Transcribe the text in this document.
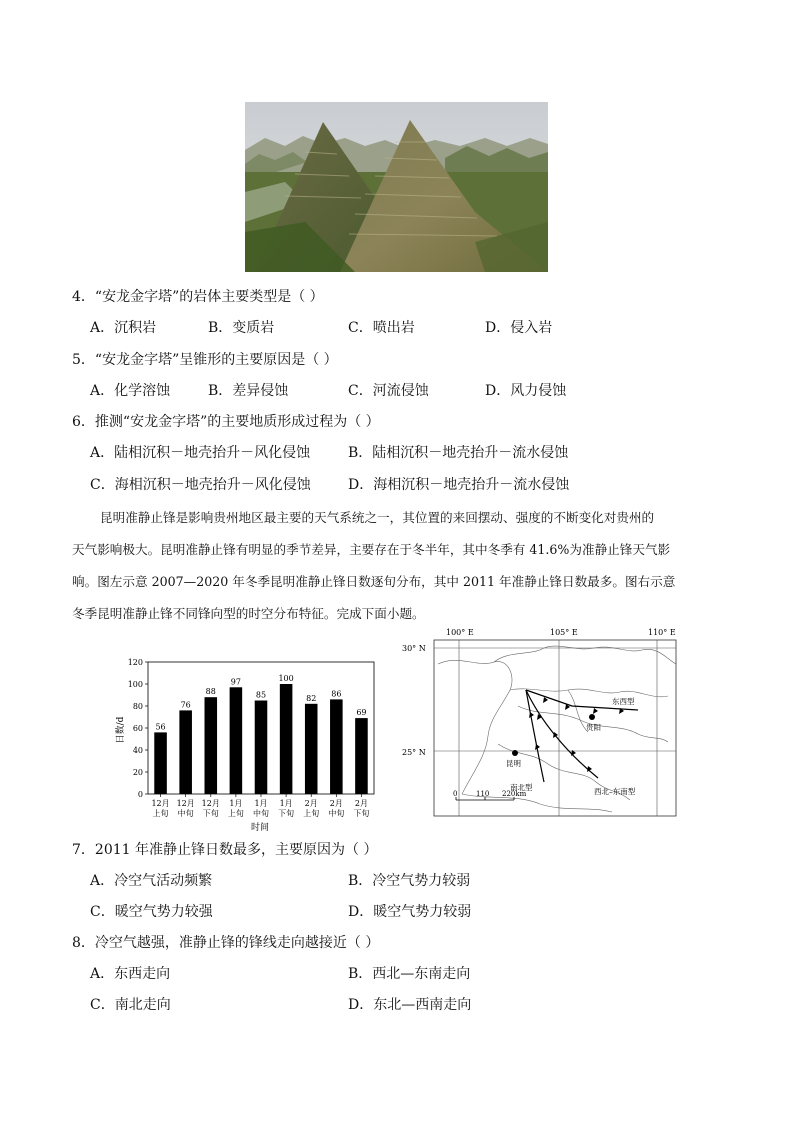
4．“安龙金字塔”的岩体主要类型是（ ）
A．沉积岩	B．变质岩	C．喷出岩	D．侵入岩
5．“安龙金字塔”呈锥形的主要原因是（ ）
A．化学溶蚀	B．差异侵蚀	C．河流侵蚀	D．风力侵蚀
6．推测“安龙金字塔”的主要地质形成过程为（ ）
A．陆相沉积－地壳抬升－风化侵蚀	B．陆相沉积－地壳抬升－流水侵蚀
C．海相沉积－地壳抬升－风化侵蚀	D．海相沉积－地壳抬升－流水侵蚀
昆明准静止锋是影响贵州地区最主要的天气系统之一，其位置的来回摆动、强度的不断变化对贵州的
天气影响极大。昆明准静止锋有明显的季节差异，主要存在于冬半年，其中冬季有 41.6%为准静止锋天气影
响。图左示意 2007—2020 年冬季昆明准静止锋日数逐旬分布，其中 2011 年准静止锋日数最多。图右示意
冬季昆明准静止锋不同锋向型的时空分布特征。完成下面小题。
日数/d
时间
0
20
40
60
80
100
120
56
12月
上旬
76
12月
中旬
88
12月
下旬
97
1月
上旬
85
1月
中旬
100
1月
下旬
82
2月
上旬
86
2月
中旬
69
2月
下旬
100° E	105° E	110° E
30° N
25° N
贵阳
昆明
东西型
西北–东南型
南北型
0	110 220km
7．2011 年准静止锋日数最多，主要原因为（ ）
A．冷空气活动频繁	B．冷空气势力较弱
C．暖空气势力较强	D．暖空气势力较弱
8．冷空气越强，准静止锋的锋线走向越接近（ ）
A．东西走向	B．西北—东南走向
C．南北走向	D．东北—西南走向
